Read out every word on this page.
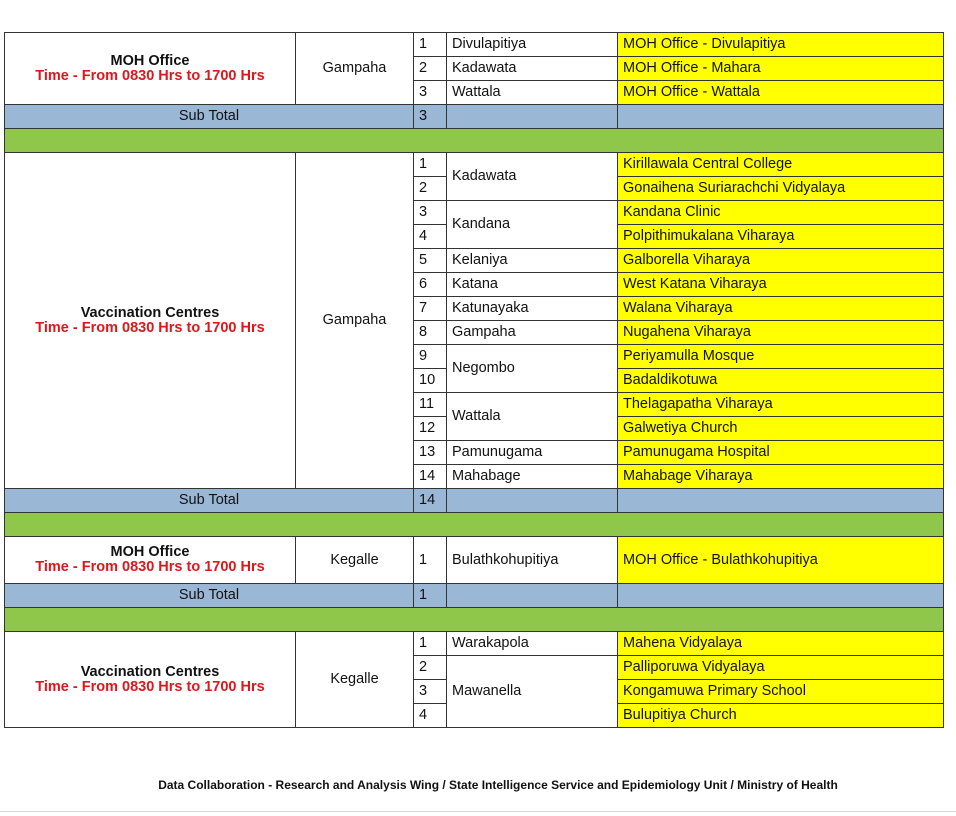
MOH Office
Time - From 0830 Hrs to 1700 Hrs	Gampaha	1	Divulapitiya	MOH Office - Divulapitiya
		2	Kadawata	MOH Office - Mahara
		3	Wattala	MOH Office - Wattala
Sub Total		3		

Vaccination Centres
Time - From 0830 Hrs to 1700 Hrs	Gampaha	1	Kadawata	Kirillawala Central College
		2		Gonaihena Suriarachchi Vidyalaya
		3	Kandana	Kandana Clinic
		4		Polpithimukalana Viharaya
		5	Kelaniya	Galborella Viharaya
		6	Katana	West Katana Viharaya
		7	Katunayaka	Walana Viharaya
		8	Gampaha	Nugahena Viharaya
		9	Negombo	Periyamulla Mosque
		10		Badaldikotuwa
		11	Wattala	Thelagapatha Viharaya
		12		Galwetiya Church
		13	Pamunugama	Pamunugama Hospital
		14	Mahabage	Mahabage Viharaya
Sub Total		14		

MOH Office
Time - From 0830 Hrs to 1700 Hrs	Kegalle	1	Bulathkohupitiya	MOH Office - Bulathkohupitiya
Sub Total		1		

Vaccination Centres
Time - From 0830 Hrs to 1700 Hrs	Kegalle	1	Warakapola	Mahena Vidyalaya
		2	Mawanella	Palliporuwa Vidyalaya
		3		Kongamuwa Primary School
		4		Bulupitiya Church
Data Collaboration - Research and Analysis Wing / State Intelligence Service and Epidemiology Unit / Ministry of Health
